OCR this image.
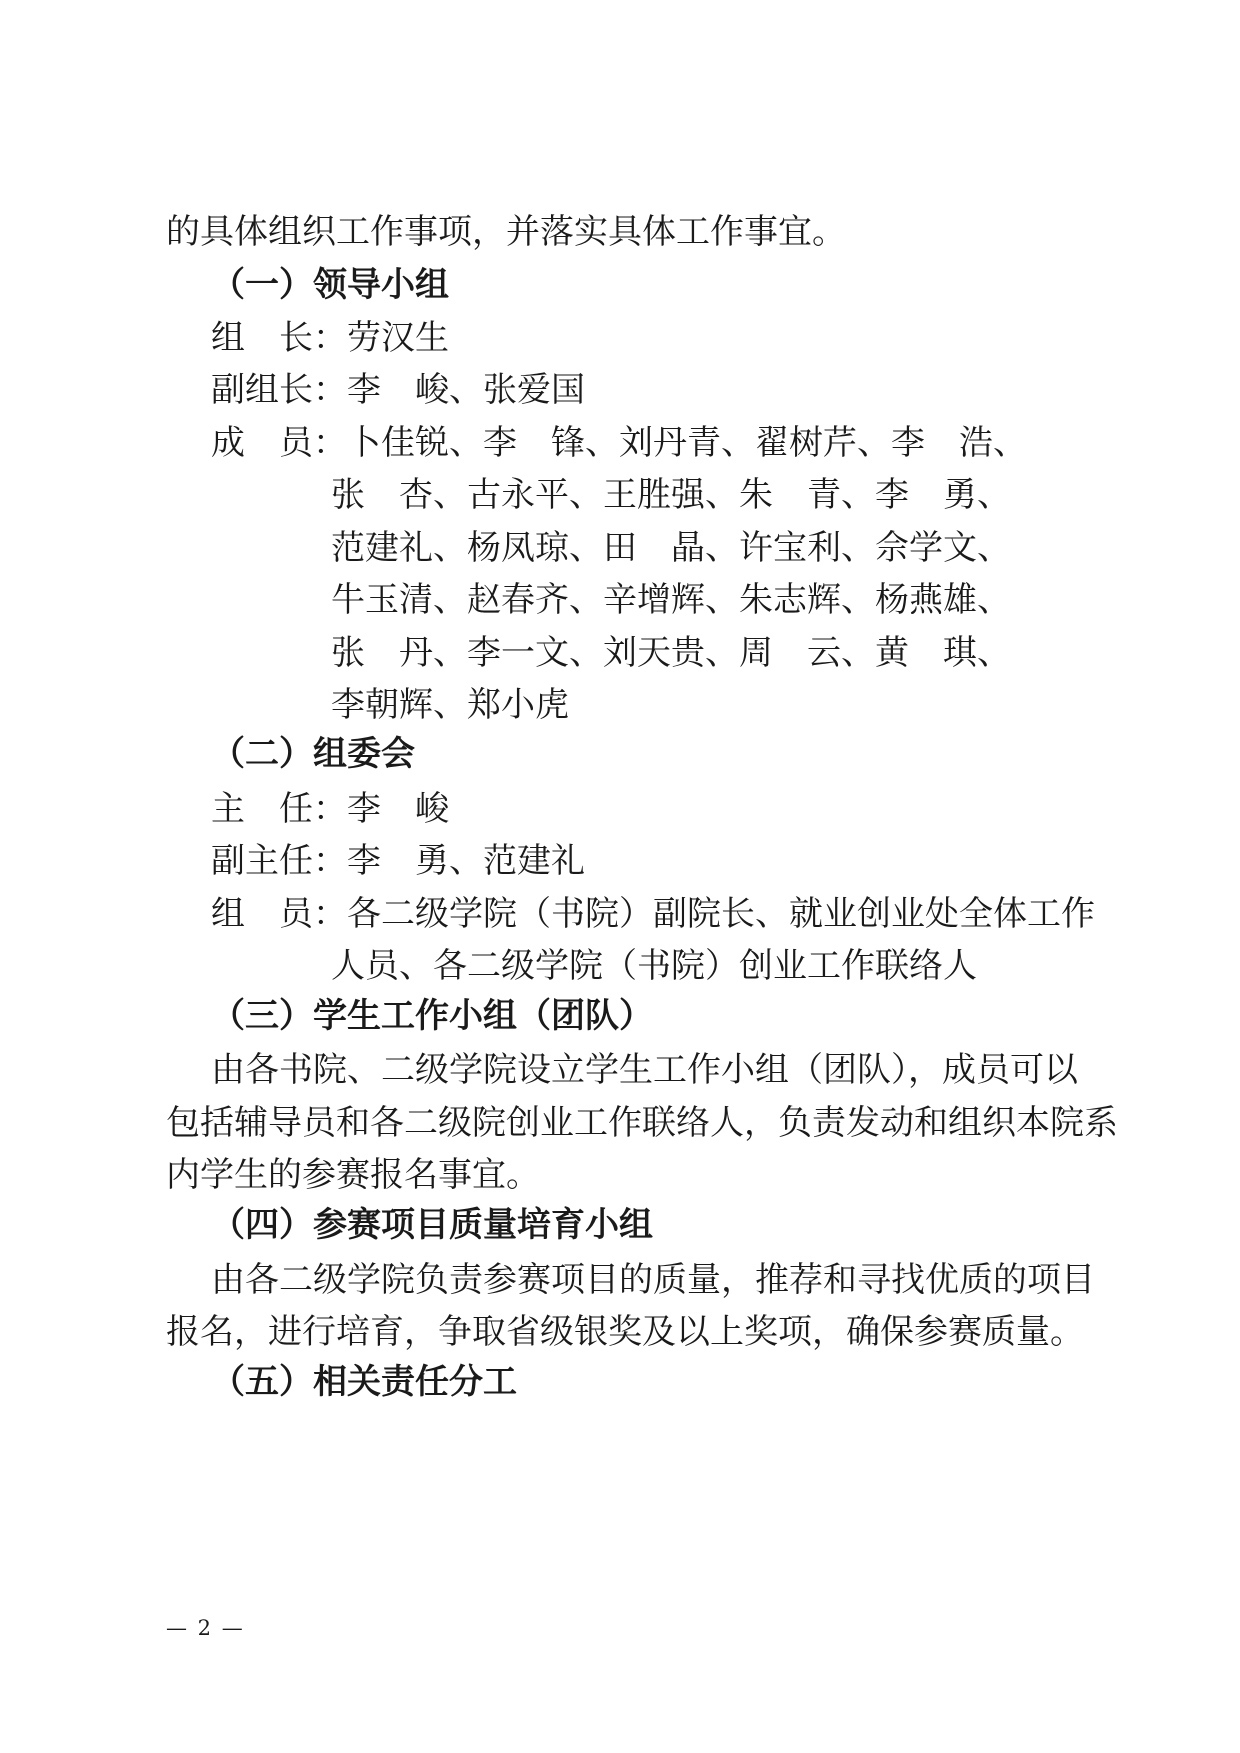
的具体组织工作事项，并落实具体工作事宜。
（一）领导小组
组　长：劳汉生
副组长：李　峻、张爱国
成　员：卜佳锐、李　锋、刘丹青、翟树芹、李　浩、
张　杏、古永平、王胜强、朱　青、李　勇、
范建礼、杨凤琼、田　晶、许宝利、佘学文、
牛玉清、赵春齐、辛增辉、朱志辉、杨燕雄、
张　丹、李一文、刘天贵、周　云、黄　琪、
李朝辉、郑小虎
（二）组委会
主　任：李　峻
副主任：李　勇、范建礼
组　员：各二级学院（书院）副院长、就业创业处全体工作
人员、各二级学院（书院）创业工作联络人
（三）学生工作小组（团队）
由各书院、二级学院设立学生工作小组（团队），成员可以
包括辅导员和各二级院创业工作联络人，负责发动和组织本院系
内学生的参赛报名事宜。
（四）参赛项目质量培育小组
由各二级学院负责参赛项目的质量，推荐和寻找优质的项目
报名，进行培育，争取省级银奖及以上奖项，确保参赛质量。
（五）相关责任分工
— 2 —
